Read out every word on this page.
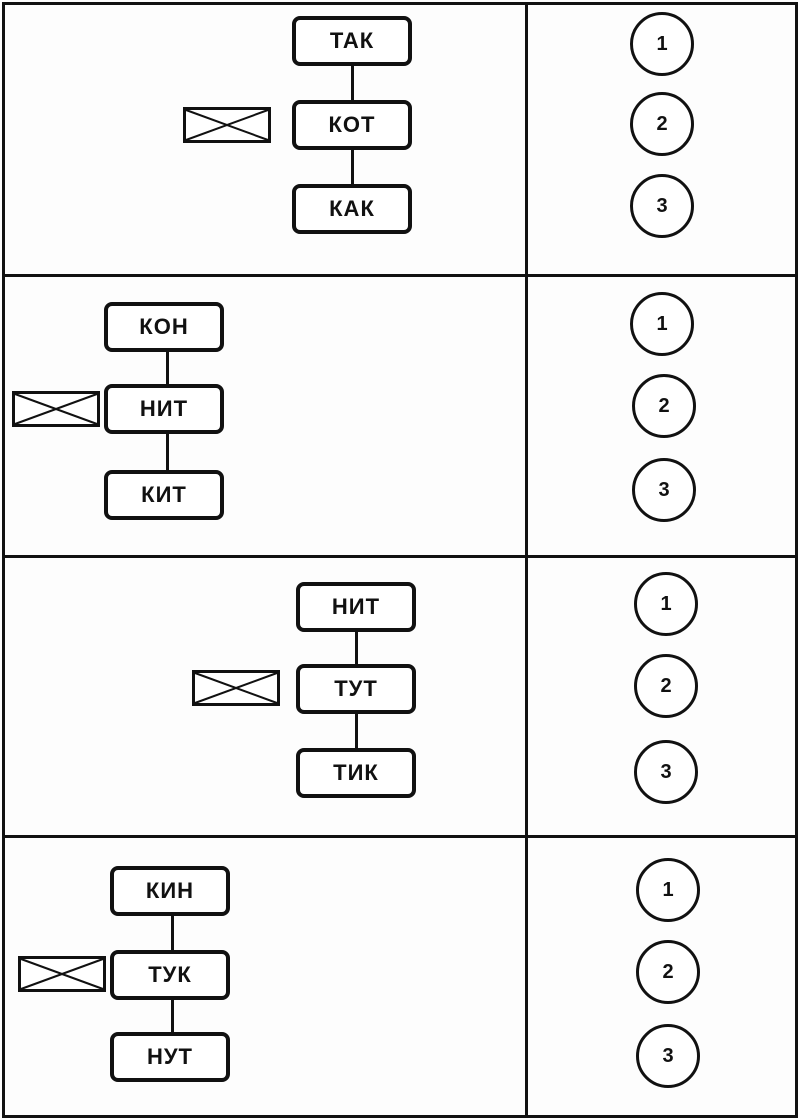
ТАК
КОТ
КАК
1
2
3
КОН
НИТ
КИТ
1
2
3
НИТ
ТУТ
ТИК
1
2
3
КИН
ТУК
НУТ
1
2
3
